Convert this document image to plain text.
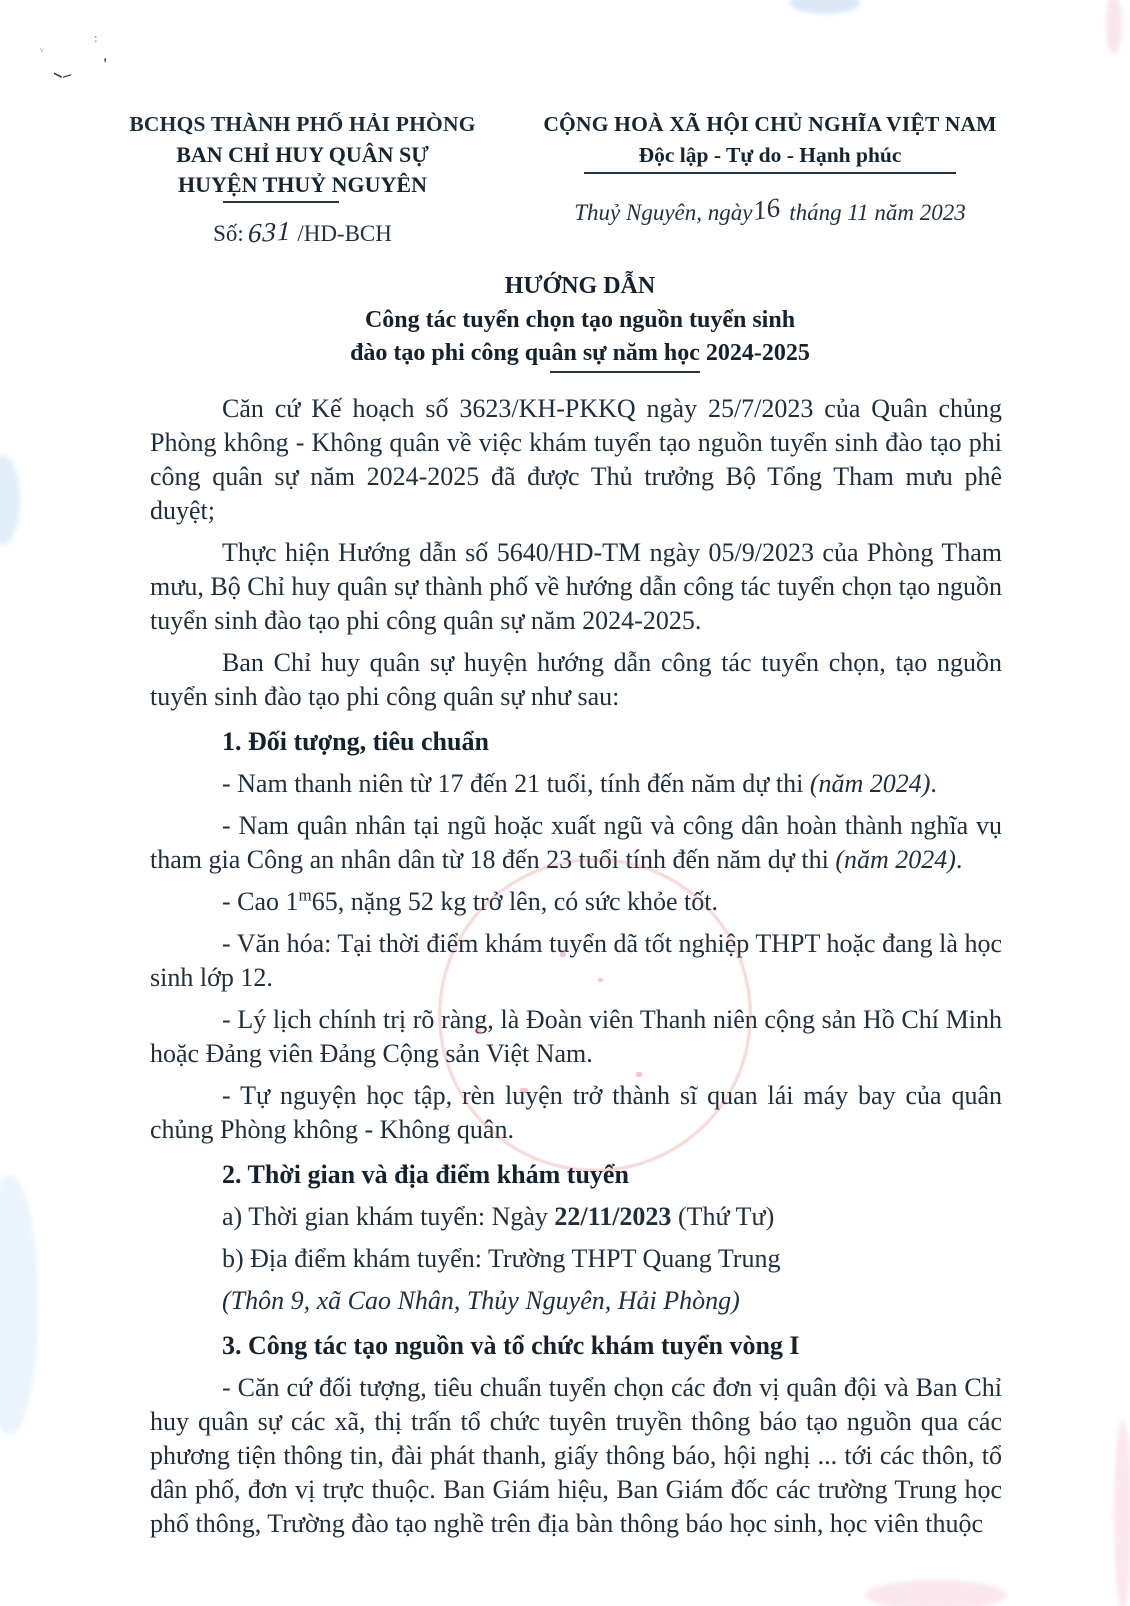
ᵥ
:
⸜_ '
BCHQS THÀNH PHỐ HẢI PHÒNG
BAN CHỈ HUY QUÂN SỰ
HUYỆN THUỶ NGUYÊN
Số: 631 /HD-BCH
CỘNG HOÀ XÃ HỘI CHỦ NGHĨA VIỆT NAM
Độc lập - Tự do - Hạnh phúc
Thuỷ Nguyên, ngày16 tháng 11 năm 2023
HƯỚNG DẪN
Công tác tuyển chọn tạo nguồn tuyển sinh
đào tạo phi công quân sự năm học 2024-2025
Căn cứ Kế hoạch số 3623/KH-PKKQ ngày 25/7/2023 của Quân chủng Phòng không - Không quân về việc khám tuyển tạo nguồn tuyển sinh đào tạo phi công quân sự năm 2024-2025 đã được Thủ trưởng Bộ Tổng Tham mưu phê duyệt;
Thực hiện Hướng dẫn số 5640/HD-TM ngày 05/9/2023 của Phòng Tham mưu, Bộ Chỉ huy quân sự thành phố về hướng dẫn công tác tuyển chọn tạo nguồn tuyển sinh đào tạo phi công quân sự năm 2024-2025.
Ban Chỉ huy quân sự huyện hướng dẫn công tác tuyển chọn, tạo nguồn tuyển sinh đào tạo phi công quân sự như sau:
1. Đối tượng, tiêu chuẩn
- Nam thanh niên từ 17 đến 21 tuổi, tính đến năm dự thi (năm 2024).
- Nam quân nhân tại ngũ hoặc xuất ngũ và công dân hoàn thành nghĩa vụ tham gia Công an nhân dân từ 18 đến 23 tuổi tính đến năm dự thi (năm 2024).
- Cao 1$^m$65, nặng 52 kg trở lên, có sức khỏe tốt.
- Văn hóa: Tại thời điểm khám tuyển dã tốt nghiệp THPT hoặc đang là học sinh lớp 12.
- Lý lịch chính trị rõ ràng, là Đoàn viên Thanh niên cộng sản Hồ Chí Minh hoặc Đảng viên Đảng Cộng sản Việt Nam.
- Tự nguyện học tập, rèn luyện trở thành sĩ quan lái máy bay của quân chủng Phòng không - Không quân.
2. Thời gian và địa điểm khám tuyển
a) Thời gian khám tuyển: Ngày 22/11/2023 (Thứ Tư)
b) Địa điểm khám tuyển: Trường THPT Quang Trung
(Thôn 9, xã Cao Nhân, Thủy Nguyên, Hải Phòng)
3. Công tác tạo nguồn và tổ chức khám tuyển vòng I
- Căn cứ đối tượng, tiêu chuẩn tuyển chọn các đơn vị quân đội và Ban Chỉ huy quân sự các xã, thị trấn tổ chức tuyên truyền thông báo tạo nguồn qua các phương tiện thông tin, đài phát thanh, giấy thông báo, hội nghị ... tới các thôn, tổ dân phố, đơn vị trực thuộc. Ban Giám hiệu, Ban Giám đốc các trường Trung học phổ thông, Trường đào tạo nghề trên địa bàn thông báo học sinh, học viên thuộc
